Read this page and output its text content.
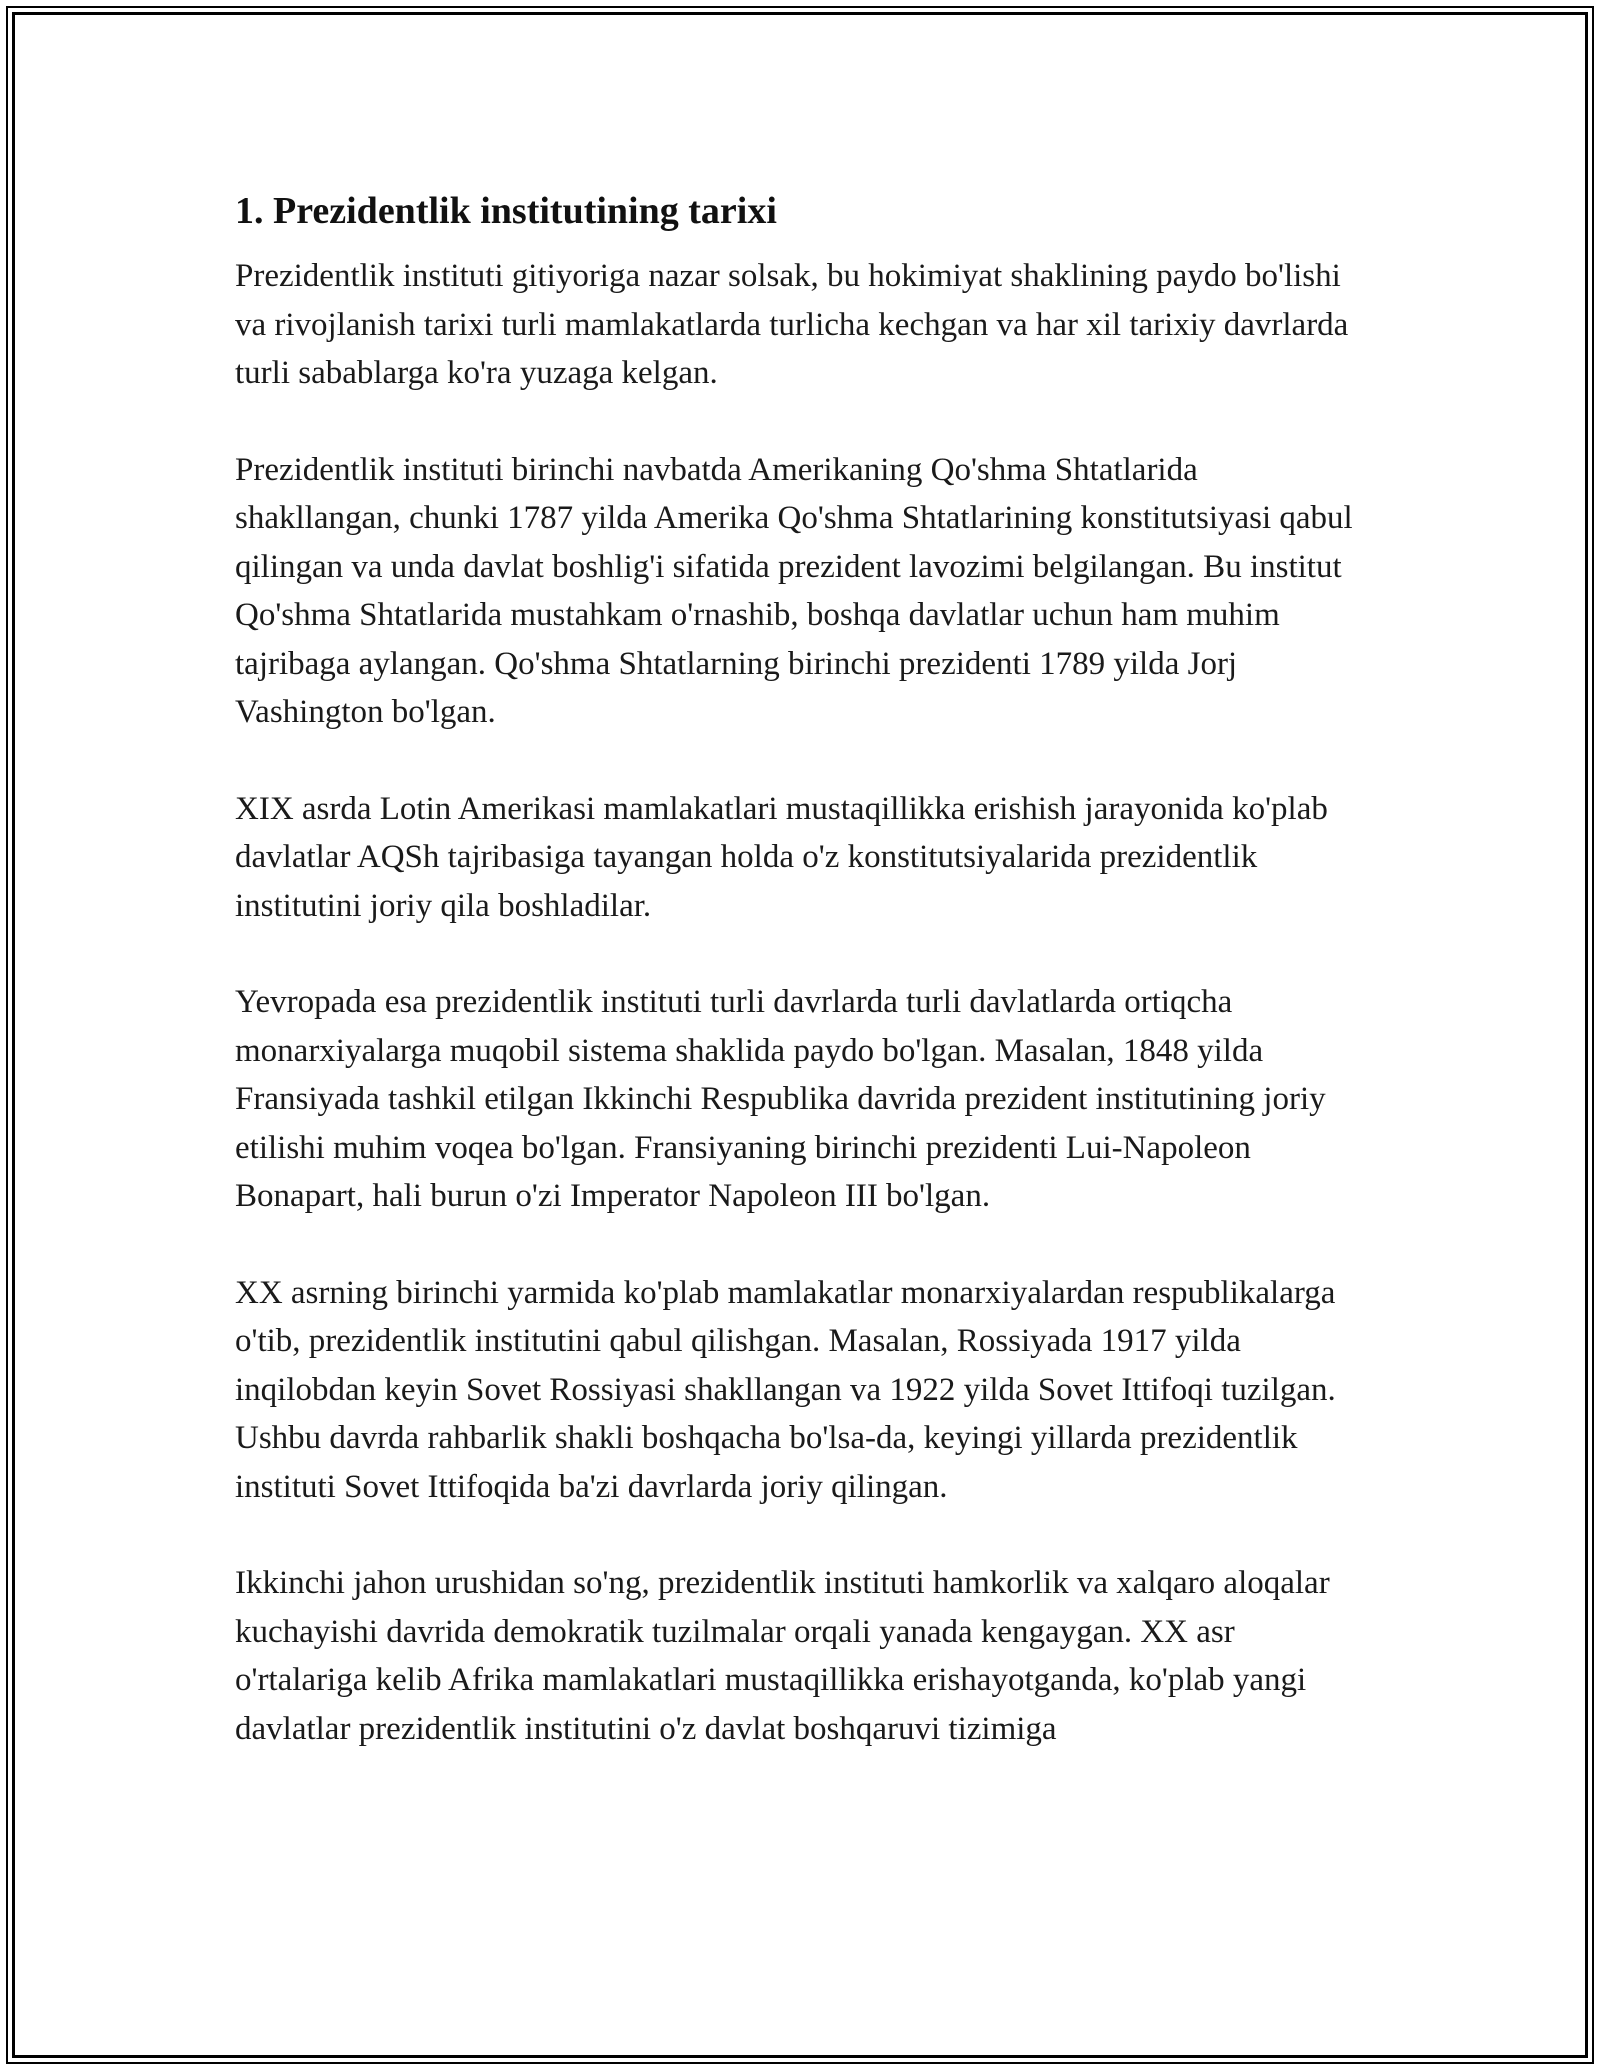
1. Prezidentlik institutining tarixi

Prezidentlik instituti gitiyoriga nazar solsak, bu hokimiyat shaklining paydo bo'lishi va rivojlanish tarixi turli mamlakatlarda turlicha kechgan va har xil tarixiy davrlarda turli sabablarga ko'ra yuzaga kelgan.

Prezidentlik instituti birinchi navbatda Amerikaning Qo'shma Shtatlarida shakllangan, chunki 1787 yilda Amerika Qo'shma Shtatlarining konstitutsiyasi qabul qilingan va unda davlat boshlig'i sifatida prezident lavozimi belgilangan. Bu institut Qo'shma Shtatlarida mustahkam o'rnashib, boshqa davlatlar uchun ham muhim tajribaga aylangan. Qo'shma Shtatlarning birinchi prezidenti 1789 yilda Jorj Vashington bo'lgan.

XIX asrda Lotin Amerikasi mamlakatlari mustaqillikka erishish jarayonida ko'plab davlatlar AQSh tajribasiga tayangan holda o'z konstitutsiyalarida prezidentlik institutini joriy qila boshladilar.

Yevropada esa prezidentlik instituti turli davrlarda turli davlatlarda ortiqcha monarxiyalarga muqobil sistema shaklida paydo bo'lgan. Masalan, 1848 yilda Fransiyada tashkil etilgan Ikkinchi Respublika davrida prezident institutining joriy etilishi muhim voqea bo'lgan. Fransiyaning birinchi prezidenti Lui-Napoleon Bonapart, hali burun o'zi Imperator Napoleon III bo'lgan.

XX asrning birinchi yarmida ko'plab mamlakatlar monarxiyalardan respublikalarga o'tib, prezidentlik institutini qabul qilishgan. Masalan, Rossiyada 1917 yilda inqilobdan keyin Sovet Rossiyasi shakllangan va 1922 yilda Sovet Ittifoqi tuzilgan. Ushbu davrda rahbarlik shakli boshqacha bo'lsa-da, keyingi yillarda prezidentlik instituti Sovet Ittifoqida ba'zi davrlarda joriy qilingan.

Ikkinchi jahon urushidan so'ng, prezidentlik instituti hamkorlik va xalqaro aloqalar kuchayishi davrida demokratik tuzilmalar orqali yanada kengaygan. XX asr o'rtalariga kelib Afrika mamlakatlari mustaqillikka erishayotganda, ko'plab yangi davlatlar prezidentlik institutini o'z davlat boshqaruvi tizimiga
